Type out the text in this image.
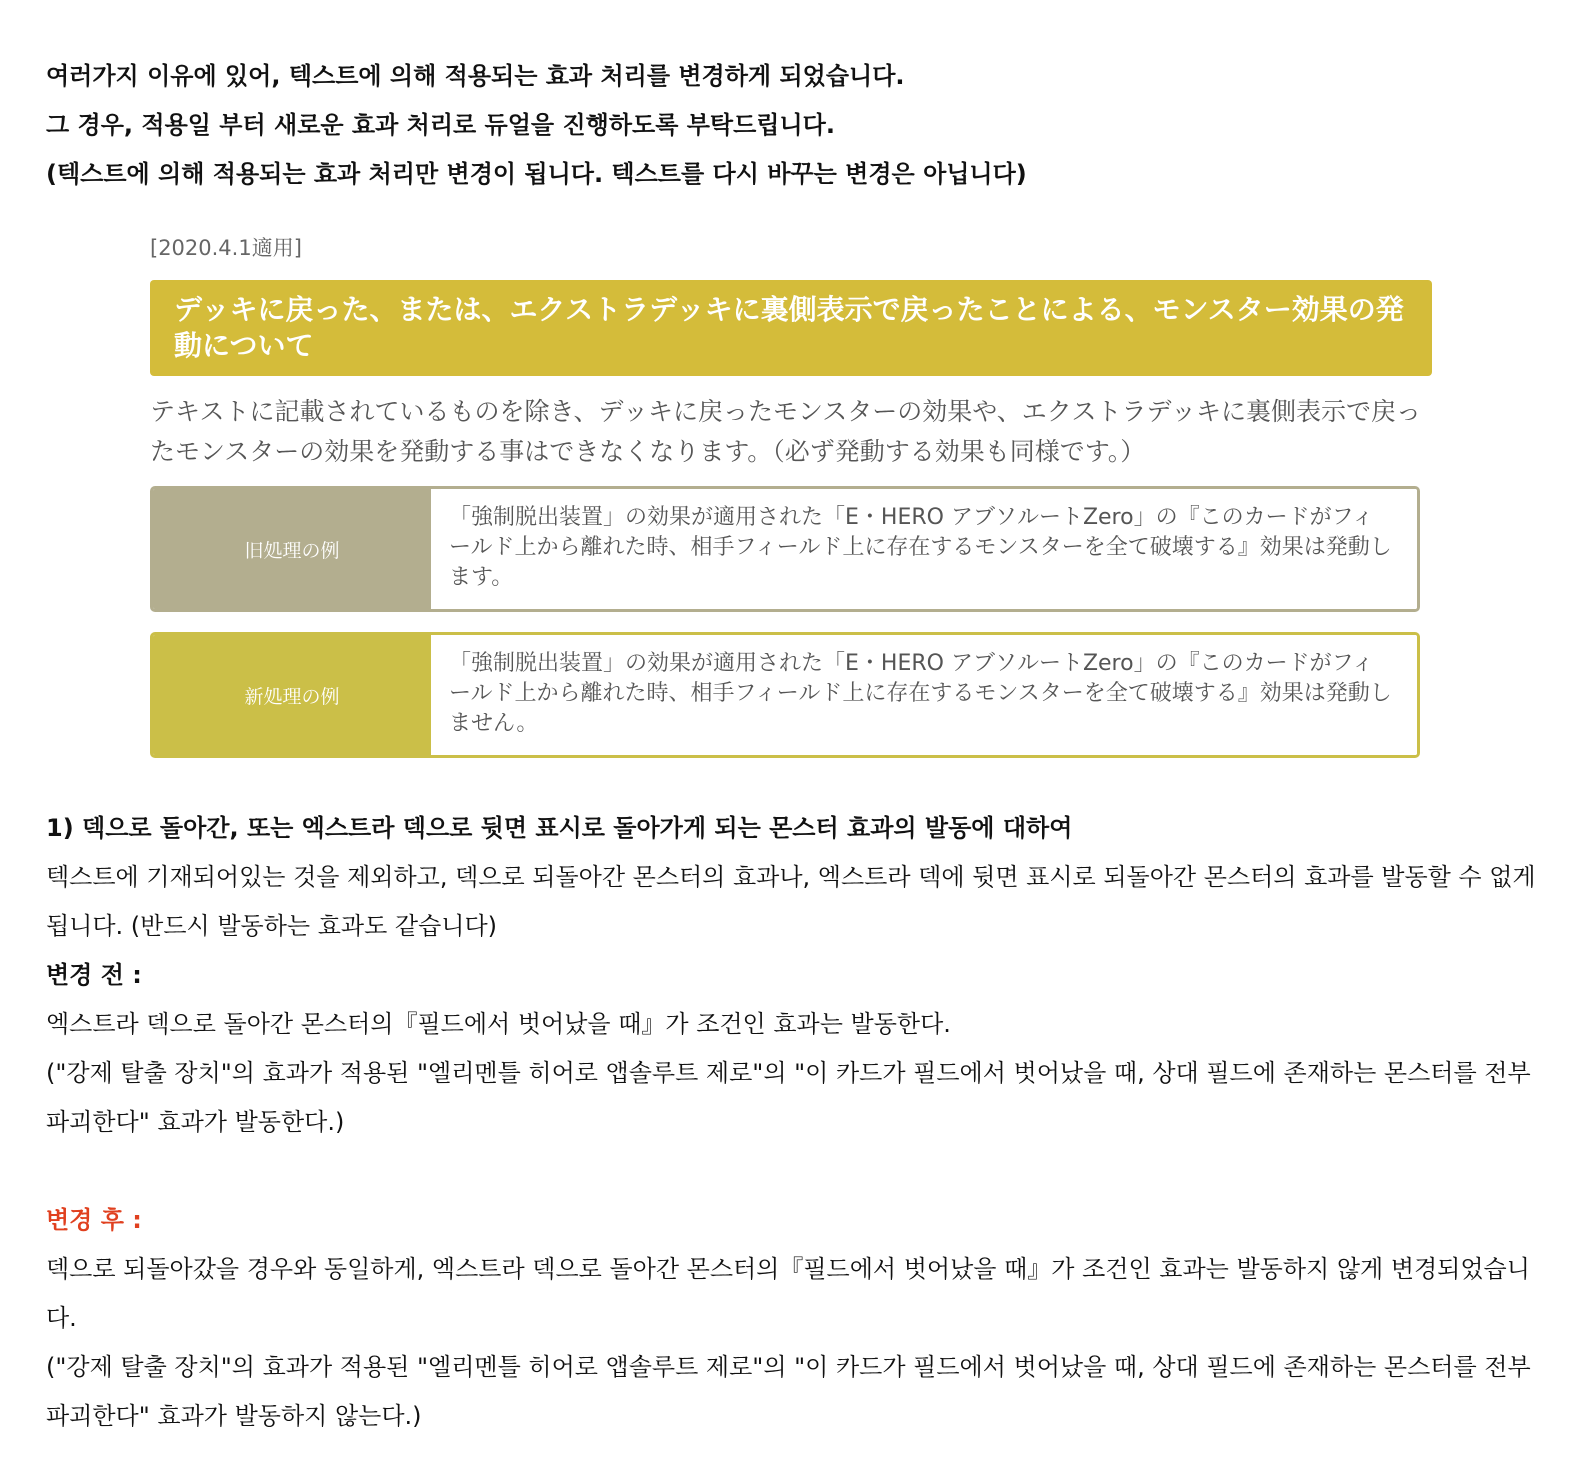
여러가지 이유에 있어, 텍스트에 의해 적용되는 효과 처리를 변경하게 되었습니다.

그 경우, 적용일 부터 새로운 효과 처리로 듀얼을 진행하도록 부탁드립니다.

(텍스트에 의해 적용되는 효과 처리만 변경이 됩니다. 텍스트를 다시 바꾸는 변경은 아닙니다)

[2020.4.1適用]
デッキに戻った、または、エクストラデッキに裏側表示で戻ったことによる、モンスター効果の発動について
テキストに記載されているものを除き、デッキに戻ったモンスターの効果や、エクストラデッキに裏側表示で戻ったモンスターの効果を発動する事はできなくなります。（必ず発動する効果も同様です。）
旧処理の例
「強制脱出装置」の効果が適用された「E・HERO アブソルートZero」の『このカードがフィールド上から離れた時、相手フィールド上に存在するモンスターを全て破壊する』効果は発動します。
新処理の例
「強制脱出装置」の効果が適用された「E・HERO アブソルートZero」の『このカードがフィールド上から離れた時、相手フィールド上に存在するモンスターを全て破壊する』効果は発動しません。

1) 덱으로 돌아간, 또는 엑스트라 덱으로 뒷면 표시로 돌아가게 되는 몬스터 효과의 발동에 대하여

텍스트에 기재되어있는 것을 제외하고, 덱으로 되돌아간 몬스터의 효과나, 엑스트라 덱에 뒷면 표시로 되돌아간 몬스터의 효과를 발동할 수 없게 됩니다. (반드시 발동하는 효과도 같습니다)

변경 전 :

엑스트라 덱으로 돌아간 몬스터의『필드에서 벗어났을 때』가 조건인 효과는 발동한다.

("강제 탈출 장치"의 효과가 적용된 "엘리멘틀 히어로 앱솔루트 제로"의 "이 카드가 필드에서 벗어났을 때, 상대 필드에 존재하는 몬스터를 전부 파괴한다" 효과가 발동한다.)

변경 후 :

덱으로 되돌아갔을 경우와 동일하게, 엑스트라 덱으로 돌아간 몬스터의『필드에서 벗어났을 때』가 조건인 효과는 발동하지 않게 변경되었습니다.

("강제 탈출 장치"의 효과가 적용된 "엘리멘틀 히어로 앱솔루트 제로"의 "이 카드가 필드에서 벗어났을 때, 상대 필드에 존재하는 몬스터를 전부 파괴한다" 효과가 발동하지 않는다.)
